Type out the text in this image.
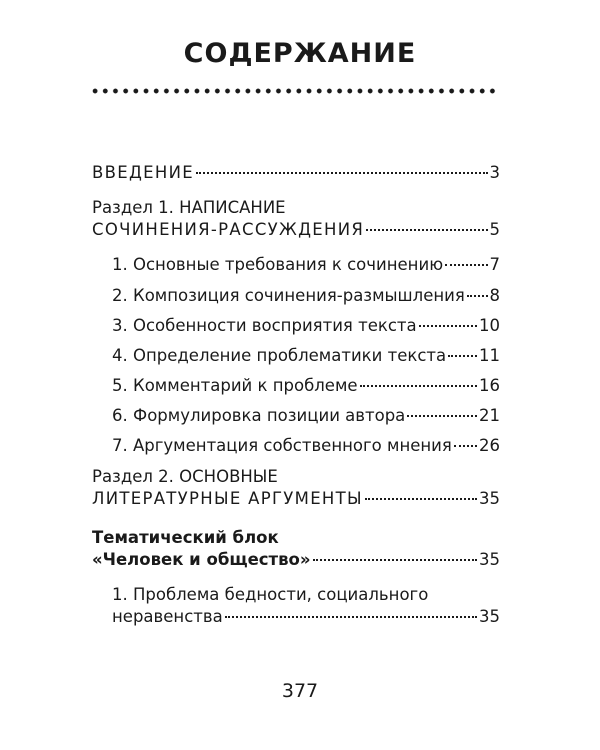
СОДЕРЖАНИЕ
ВВЕДЕНИЕ	3
Раздел 1. НАПИСАНИЕ
СОЧИНЕНИЯ-РАССУЖДЕНИЯ	5
1. Основные требования к сочинению	7
2. Композиция сочинения-размышления 8
3. Особенности восприятия текста	10
4. Определение проблематики текста 11
5. Комментарий к проблеме	16
6. Формулировка позиции автора	21
7. Аргументация собственного мнения 26
Раздел 2. ОСНОВНЫЕ
ЛИТЕРАТУРНЫЕ АРГУМЕНТЫ	35
Тематический блок
«Человек и общество»	35
1. Проблема бедности, социального
неравенства	35
377
